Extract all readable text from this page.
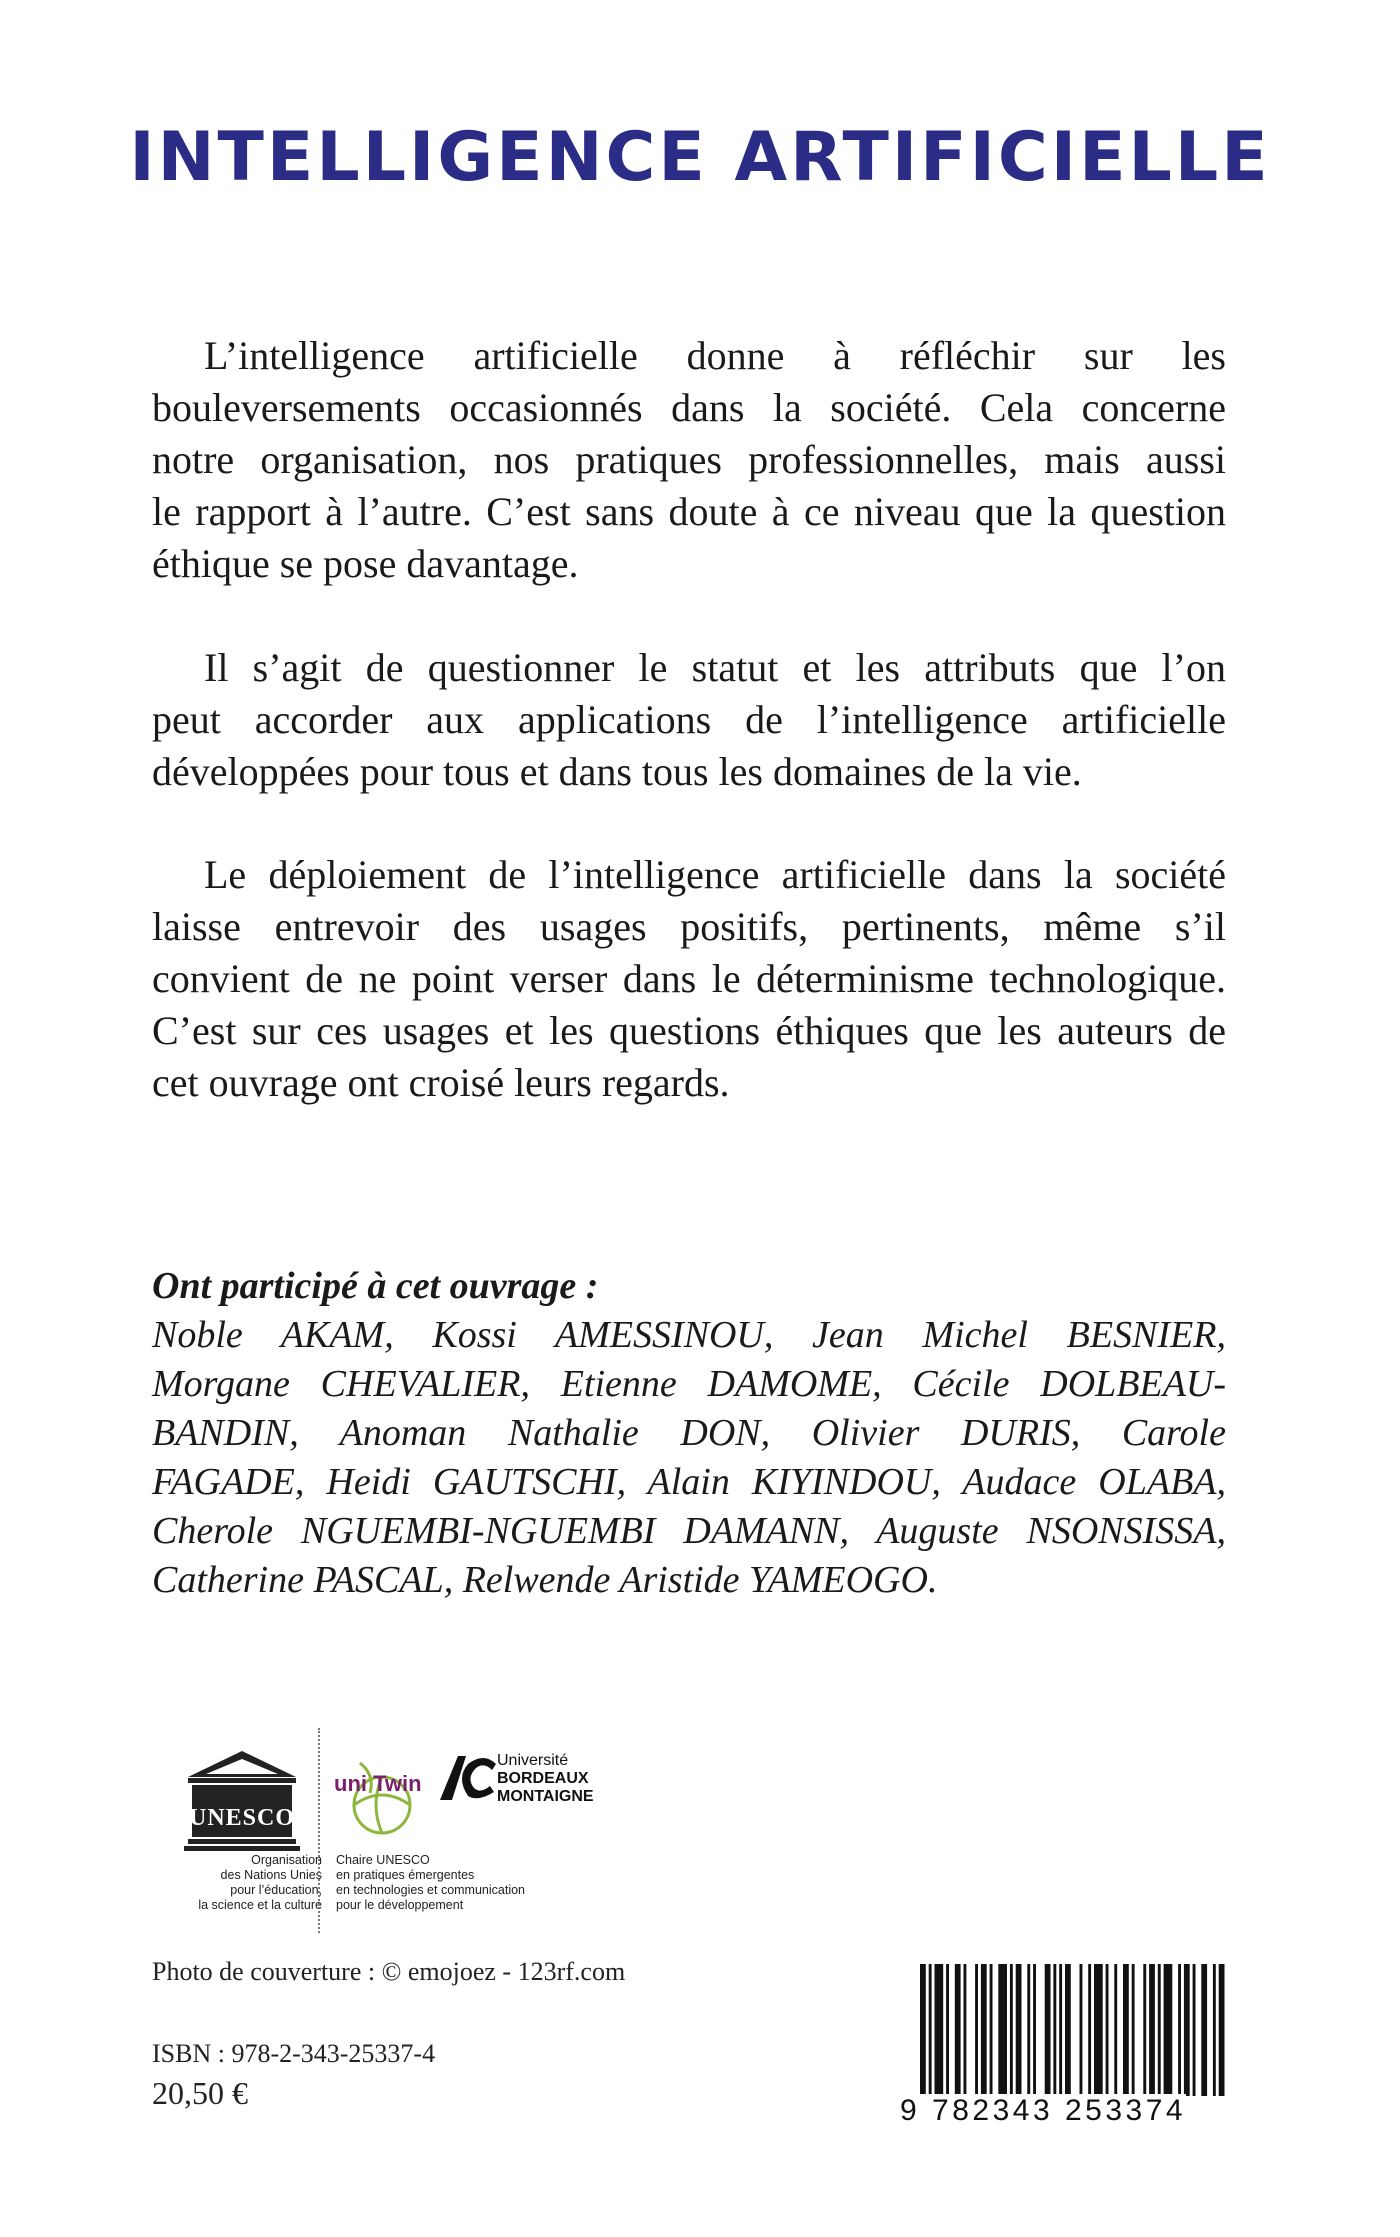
INTELLIGENCE ARTIFICIELLE

L’intelligence artificielle donne à réfléchir sur les
bouleversements occasionnés dans la société. Cela concerne
notre organisation, nos pratiques professionnelles, mais aussi
le rapport à l’autre. C’est sans doute à ce niveau que la question
éthique se pose davantage.

Il s’agit de questionner le statut et les attributs que l’on
peut accorder aux applications de l’intelligence artificielle
développées pour tous et dans tous les domaines de la vie.

Le déploiement de l’intelligence artificielle dans la société
laisse entrevoir des usages positifs, pertinents, même s’il
convient de ne point verser dans le déterminisme technologique.
C’est sur ces usages et les questions éthiques que les auteurs de
cet ouvrage ont croisé leurs regards.

Ont participé à cet ouvrage :
Noble AKAM, Kossi AMESSINOU, Jean Michel BESNIER,
Morgane CHEVALIER, Etienne DAMOME, Cécile DOLBEAU-
BANDIN, Anoman Nathalie DON, Olivier DURIS, Carole
FAGADE, Heidi GAUTSCHI, Alain KIYINDOU, Audace OLABA,
Cherole NGUEMBI-NGUEMBI DAMANN, Auguste NSONSISSA,
Catherine PASCAL, Relwende Aristide YAMEOGO.
UNESCO
Organisation
des Nations Unies
pour l’éducation,
la science et la culture
uni Twin
Université
BORDEAUX
MONTAIGNE
Chaire UNESCO
en pratiques émergentes
en technologies et communication
pour le développement
Photo de couverture : © emojoez - 123rf.com
ISBN : 978-2-343-25337-4
20,50 €	9 782343 253374
